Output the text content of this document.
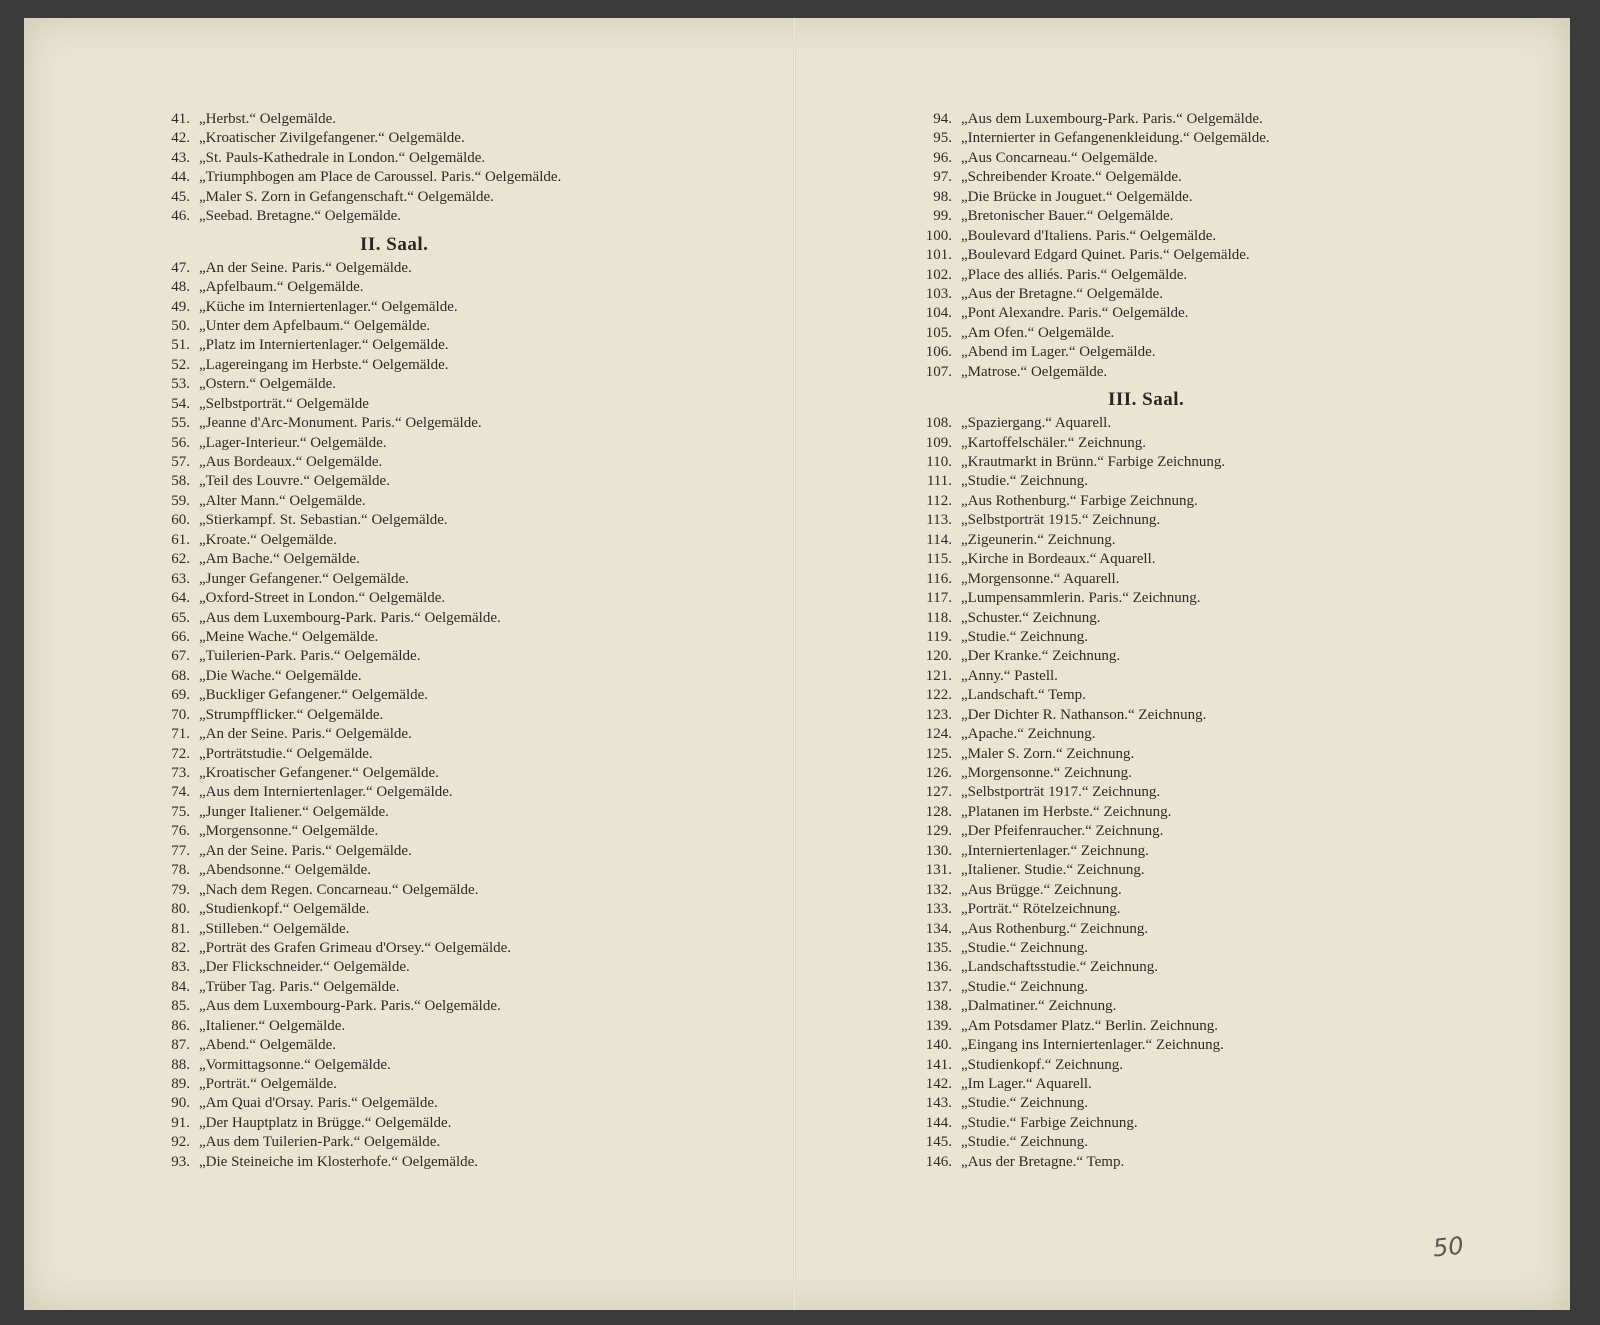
41. „Herbst.“ Oelgemälde.
42. „Kroatischer Zivilgefangener.“ Oelgemälde.
43. „St. Pauls-Kathedrale in London.“ Oelgemälde.
44. „Triumphbogen am Place de Caroussel. Paris.“ Oelgemälde.
45. „Maler S. Zorn in Gefangenschaft.“ Oelgemälde.
46. „Seebad. Bretagne.“ Oelgemälde.
II. Saal.
47. „An der Seine. Paris.“ Oelgemälde.
48. „Apfelbaum.“ Oelgemälde.
49. „Küche im Interniertenlager.“ Oelgemälde.
50. „Unter dem Apfelbaum.“ Oelgemälde.
51. „Platz im Interniertenlager.“ Oelgemälde.
52. „Lagereingang im Herbste.“ Oelgemälde.
53. „Ostern.“ Oelgemälde.
54. „Selbstporträt.“ Oelgemälde
55. „Jeanne d'Arc-Monument. Paris.“ Oelgemälde.
56. „Lager-Interieur.“ Oelgemälde.
57. „Aus Bordeaux.“ Oelgemälde.
58. „Teil des Louvre.“ Oelgemälde.
59. „Alter Mann.“ Oelgemälde.
60. „Stierkampf. St. Sebastian.“ Oelgemälde.
61. „Kroate.“ Oelgemälde.
62. „Am Bache.“ Oelgemälde.
63. „Junger Gefangener.“ Oelgemälde.
64. „Oxford-Street in London.“ Oelgemälde.
65. „Aus dem Luxembourg-Park. Paris.“ Oelgemälde.
66. „Meine Wache.“ Oelgemälde.
67. „Tuilerien-Park. Paris.“ Oelgemälde.
68. „Die Wache.“ Oelgemälde.
69. „Buckliger Gefangener.“ Oelgemälde.
70. „Strumpfflicker.“ Oelgemälde.
71. „An der Seine. Paris.“ Oelgemälde.
72. „Porträtstudie.“ Oelgemälde.
73. „Kroatischer Gefangener.“ Oelgemälde.
74. „Aus dem Interniertenlager.“ Oelgemälde.
75. „Junger Italiener.“ Oelgemälde.
76. „Morgensonne.“ Oelgemälde.
77. „An der Seine. Paris.“ Oelgemälde.
78. „Abendsonne.“ Oelgemälde.
79. „Nach dem Regen. Concarneau.“ Oelgemälde.
80. „Studienkopf.“ Oelgemälde.
81. „Stilleben.“ Oelgemälde.
82. „Porträt des Grafen Grimeau d'Orsey.“ Oelgemälde.
83. „Der Flickschneider.“ Oelgemälde.
84. „Trüber Tag. Paris.“ Oelgemälde.
85. „Aus dem Luxembourg-Park. Paris.“ Oelgemälde.
86. „Italiener.“ Oelgemälde.
87. „Abend.“ Oelgemälde.
88. „Vormittagsonne.“ Oelgemälde.
89. „Porträt.“ Oelgemälde.
90. „Am Quai d'Orsay. Paris.“ Oelgemälde.
91. „Der Hauptplatz in Brügge.“ Oelgemälde.
92. „Aus dem Tuilerien-Park.“ Oelgemälde.
93. „Die Steineiche im Klosterhofe.“ Oelgemälde.
94. „Aus dem Luxembourg-Park. Paris.“ Oelgemälde.
95. „Internierter in Gefangenenkleidung.“ Oelgemälde.
96. „Aus Concarneau.“ Oelgemälde.
97. „Schreibender Kroate.“ Oelgemälde.
98. „Die Brücke in Jouguet.“ Oelgemälde.
99. „Bretonischer Bauer.“ Oelgemälde.
100. „Boulevard d'Italiens. Paris.“ Oelgemälde.
101. „Boulevard Edgard Quinet. Paris.“ Oelgemälde.
102. „Place des alliés. Paris.“ Oelgemälde.
103. „Aus der Bretagne.“ Oelgemälde.
104. „Pont Alexandre. Paris.“ Oelgemälde.
105. „Am Ofen.“ Oelgemälde.
106. „Abend im Lager.“ Oelgemälde.
107. „Matrose.“ Oelgemälde.
III. Saal.
108. „Spaziergang.“ Aquarell.
109. „Kartoffelschäler.“ Zeichnung.
110. „Krautmarkt in Brünn.“ Farbige Zeichnung.
111. „Studie.“ Zeichnung.
112. „Aus Rothenburg.“ Farbige Zeichnung.
113. „Selbstporträt 1915.“ Zeichnung.
114. „Zigeunerin.“ Zeichnung.
115. „Kirche in Bordeaux.“ Aquarell.
116. „Morgensonne.“ Aquarell.
117. „Lumpensammlerin. Paris.“ Zeichnung.
118. „Schuster.“ Zeichnung.
119. „Studie.“ Zeichnung.
120. „Der Kranke.“ Zeichnung.
121. „Anny.“ Pastell.
122. „Landschaft.“ Temp.
123. „Der Dichter R. Nathanson.“ Zeichnung.
124. „Apache.“ Zeichnung.
125. „Maler S. Zorn.“ Zeichnung.
126. „Morgensonne.“ Zeichnung.
127. „Selbstporträt 1917.“ Zeichnung.
128. „Platanen im Herbste.“ Zeichnung.
129. „Der Pfeifenraucher.“ Zeichnung.
130. „Interniertenlager.“ Zeichnung.
131. „Italiener. Studie.“ Zeichnung.
132. „Aus Brügge.“ Zeichnung.
133. „Porträt.“ Rötelzeichnung.
134. „Aus Rothenburg.“ Zeichnung.
135. „Studie.“ Zeichnung.
136. „Landschaftsstudie.“ Zeichnung.
137. „Studie.“ Zeichnung.
138. „Dalmatiner.“ Zeichnung.
139. „Am Potsdamer Platz.“ Berlin. Zeichnung.
140. „Eingang ins Interniertenlager.“ Zeichnung.
141. „Studienkopf.“ Zeichnung.
142. „Im Lager.“ Aquarell.
143. „Studie.“ Zeichnung.
144. „Studie.“ Farbige Zeichnung.
145. „Studie.“ Zeichnung.
146. „Aus der Bretagne.“ Temp.
50
